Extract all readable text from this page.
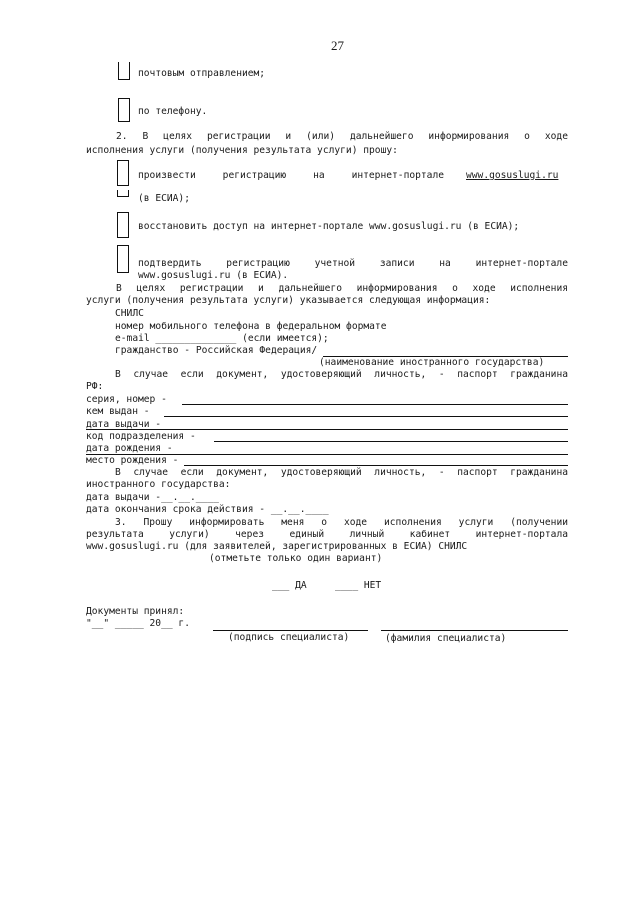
27
почтовым отправлением;
по телефону.
2. В целях регистрации и (или) дальнейшего информирования о ходе
исполнения услуги (получения результата услуги) прошу:
произвести регистрацию на интернет-портале www.gosuslugi.ru
(в ЕСИА);
восстановить доступ на интернет-портале www.gosuslugi.ru (в ЕСИА);
подтвердить регистрацию учетной записи на интернет-портале
www.gosuslugi.ru (в ЕСИА).
В целях регистрации и дальнейшего информирования о ходе исполнения
услуги (получения результата услуги) указывается следующая информация:
СНИЛС
номер мобильного телефона в федеральном формате
e-mail ______________ (если имеется);
гражданство - Российская Федерация/
(наименование иностранного государства)
В случае если документ, удостоверяющий личность, - паспорт гражданина
РФ:
серия, номер -
кем выдан -
дата выдачи -
код подразделения -
дата рождения -
место рождения -
В случае если документ, удостоверяющий личность, - паспорт гражданина
иностранного государства:
дата выдачи -__.__.____
дата окончания срока действия - __.__.____
3. Прошу информировать меня о ходе исполнения услуги (получении
результата услуги) через единый личный кабинет интернет-портала
www.gosuslugi.ru (для заявителей, зарегистрированных в ЕСИА) СНИЛС
(отметьте только один вариант)
___ ДА	____ НЕТ
Документы принял:
"__" _____ 20__ г.
(подпись специалиста)	(фамилия специалиста)
